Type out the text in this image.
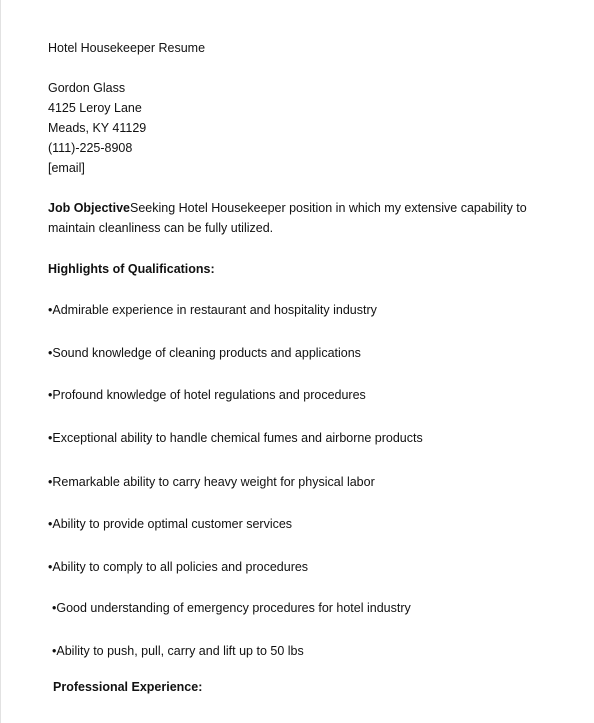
Hotel Housekeeper Resume
Gordon Glass
4125 Leroy Lane
Meads, KY 41129
(111)-225-8908
[email]
Job ObjectiveSeeking Hotel Housekeeper position in which my extensive capability to maintain cleanliness can be fully utilized.
Highlights of Qualifications:
•Admirable experience in restaurant and hospitality industry
•Sound knowledge of cleaning products and applications
•Profound knowledge of hotel regulations and procedures
•Exceptional ability to handle chemical fumes and airborne products
•Remarkable ability to carry heavy weight for physical labor
•Ability to provide optimal customer services
•Ability to comply to all policies and procedures
•Good understanding of emergency procedures for hotel industry
•Ability to push, pull, carry and lift up to 50 lbs
Professional Experience:
